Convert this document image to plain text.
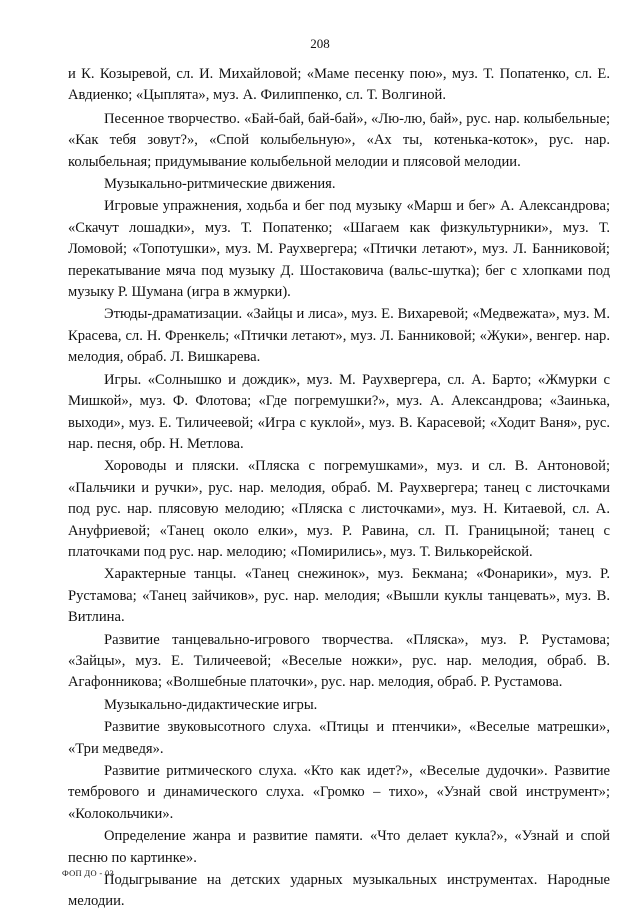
208

и К. Козыревой, сл. И. Михайловой; «Маме песенку пою», муз. Т. Попатенко, сл. Е. Авдиенко; «Цыплята», муз. А. Филиппенко, сл. Т. Волгиной.

Песенное творчество. «Бай-бай, бай-бай», «Лю-лю, бай», рус. нар. колыбельные; «Как тебя зовут?», «Спой колыбельную», «Ах ты, котенька-коток», рус. нар. колыбельная; придумывание колыбельной мелодии и плясовой мелодии.

Музыкально-ритмические движения.

Игровые упражнения, ходьба и бег под музыку «Марш и бег» А. Александрова; «Скачут лошадки», муз. Т. Попатенко; «Шагаем как физкультурники», муз. Т. Ломовой; «Топотушки», муз. М. Раухвергера; «Птички летают», муз. Л. Банниковой; перекатывание мяча под музыку Д. Шостаковича (вальс-шутка); бег с хлопками под музыку Р. Шумана (игра в жмурки).

Этюды-драматизации. «Зайцы и лиса», муз. Е. Вихаревой; «Медвежата», муз. М. Красева, сл. Н. Френкель; «Птички летают», муз. Л. Банниковой; «Жуки», венгер. нар. мелодия, обраб. Л. Вишкарева.

Игры. «Солнышко и дождик», муз. М. Раухвергера, сл. А. Барто; «Жмурки с Мишкой», муз. Ф. Флотова; «Где погремушки?», муз. А. Александрова; «Заинька, выходи», муз. Е. Тиличеевой; «Игра с куклой», муз. В. Карасевой; «Ходит Ваня», рус. нар. песня, обр. Н. Метлова.

Хороводы и пляски. «Пляска с погремушками», муз. и сл. В. Антоновой; «Пальчики и ручки», рус. нар. мелодия, обраб. М. Раухвергера; танец с листочками под рус. нар. плясовую мелодию; «Пляска с листочками», муз. Н. Китаевой, сл. А. Ануфриевой; «Танец около елки», муз. Р. Равина, сл. П. Границыной; танец с платочками под рус. нар. мелодию; «Помирились», муз. Т. Вилькорейской.

Характерные танцы. «Танец снежинок», муз. Бекмана; «Фонарики», муз. Р. Рустамова; «Танец зайчиков», рус. нар. мелодия; «Вышли куклы танцевать», муз. В. Витлина.

Развитие танцевально-игрового творчества. «Пляска», муз. Р. Рустамова; «Зайцы», муз. Е. Тиличеевой; «Веселые ножки», рус. нар. мелодия, обраб. В. Агафонникова; «Волшебные платочки», рус. нар. мелодия, обраб. Р. Рустамова.

Музыкально-дидактические игры.

Развитие звуковысотного слуха. «Птицы и птенчики», «Веселые матрешки», «Три медведя».

Развитие ритмического слуха. «Кто как идет?», «Веселые дудочки». Развитие тембрового и динамического слуха. «Громко – тихо», «Узнай свой инструмент»; «Колокольчики».

Определение жанра и развитие памяти. «Что делает кукла?», «Узнай и спой песню по картинке».

Подыгрывание на детских ударных музыкальных инструментах. Народные мелодии.

ФОП ДО - 03
